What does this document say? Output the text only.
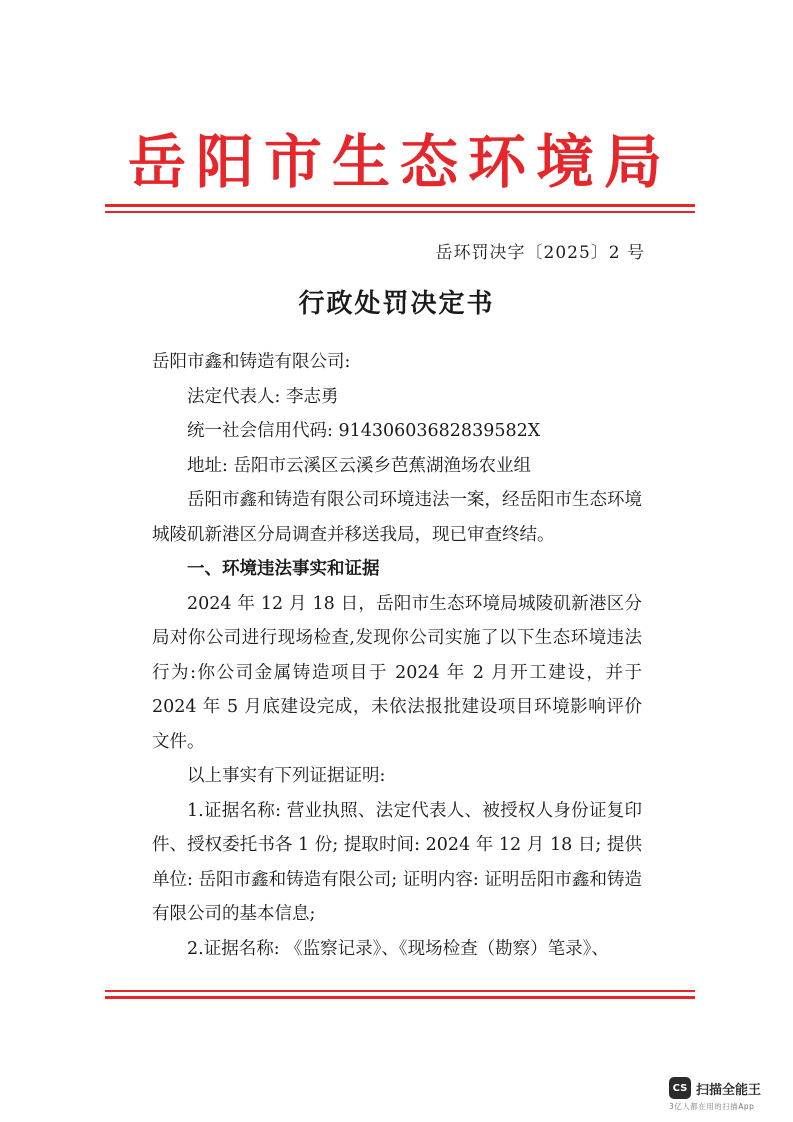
岳阳市生态环境局
岳环罚决字〔2025〕2 号
行政处罚决定书

岳阳市鑫和铸造有限公司:

法定代表人: 李志勇

统一社会信用代码: 91430603682839582X

地址: 岳阳市云溪区云溪乡芭蕉湖渔场农业组

岳阳市鑫和铸造有限公司环境违法一案，经岳阳市生态环境城陵矶新港区分局调查并移送我局，现已审查终结。

一、环境违法事实和证据

2024 年 12 月 18 日，岳阳市生态环境局城陵矶新港区分局对你公司进行现场检查,发现你公司实施了以下生态环境违法行为:你公司金属铸造项目于 2024 年 2 月开工建设，并于 2024 年 5 月底建设完成，未依法报批建设项目环境影响评价文件。

以上事实有下列证据证明:

1.证据名称: 营业执照、法定代表人、被授权人身份证复印件、授权委托书各 1 份; 提取时间: 2024 年 12 月 18 日; 提供单位: 岳阳市鑫和铸造有限公司; 证明内容: 证明岳阳市鑫和铸造有限公司的基本信息;

2.证据名称: 《监察记录》、《现场检查（勘察）笔录》、

CS 扫描全能王
3亿人都在用的扫描App
